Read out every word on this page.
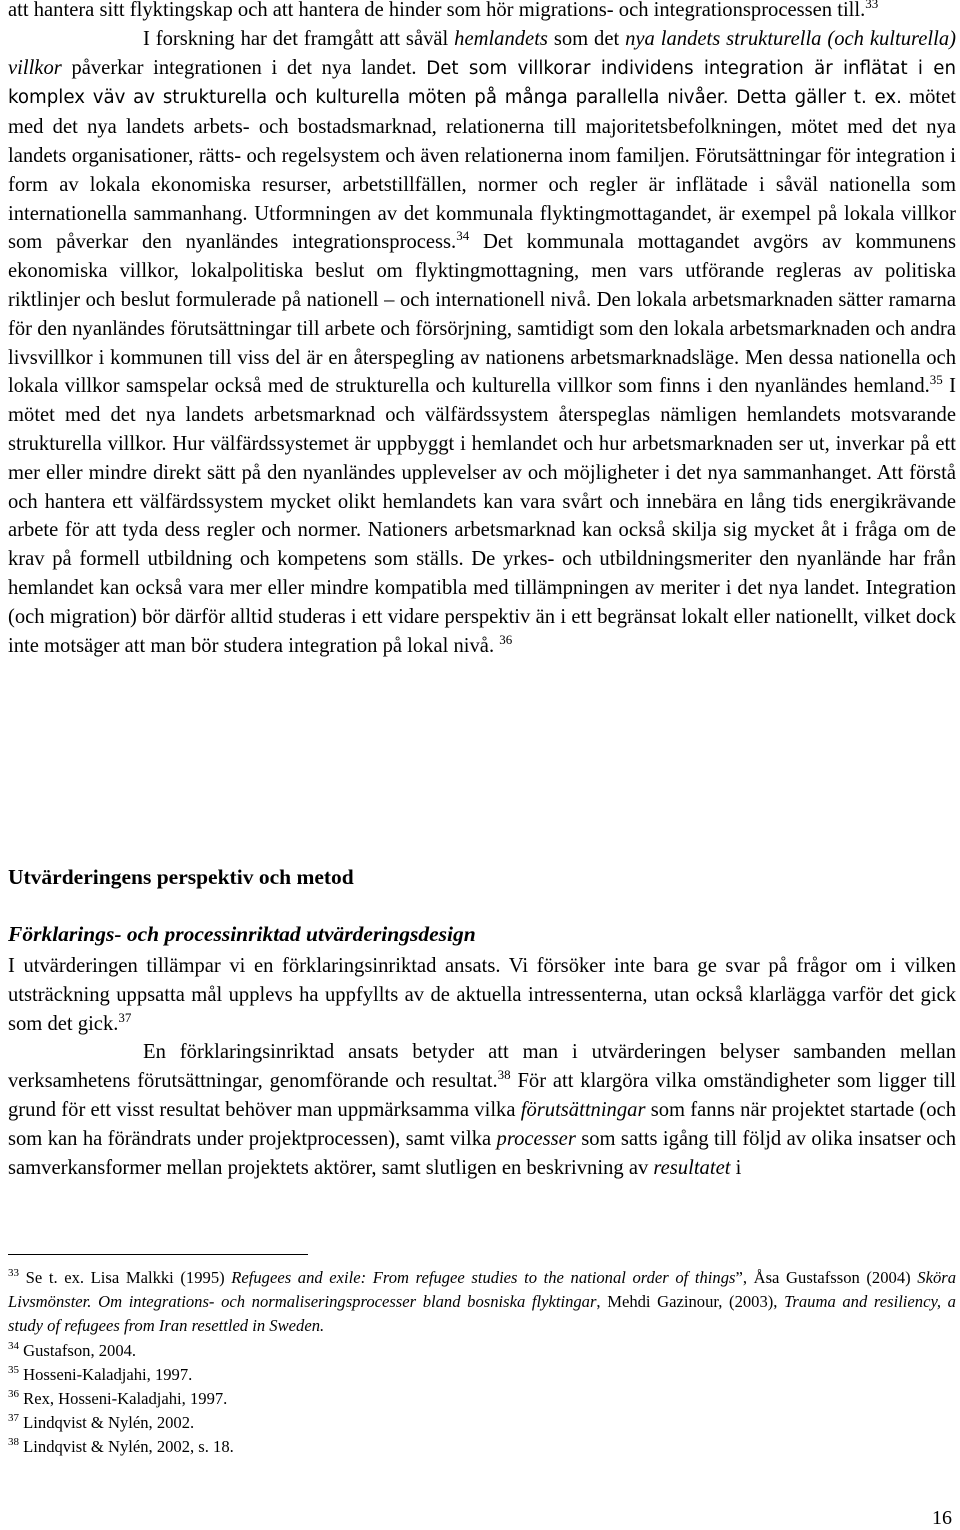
att hantera sitt flyktingskap och att hantera de hinder som hör migrations- och integrationsprocessen till.$^{33}$

I forskning har det framgått att såväl hemlandets som det nya landets strukturella (och kulturella) villkor påverkar integrationen i det nya landet. Det som villkorar individens integration är inflätat i en komplex väv av strukturella och kulturella möten på många parallella nivåer. Detta gäller t. ex. mötet med det nya landets arbets- och bostadsmarknad, relationerna till majoritetsbefolkningen, mötet med det nya landets organisationer, rätts- och regelsystem och även relationerna inom familjen. Förutsättningar för integration i form av lokala ekonomiska resurser, arbetstillfällen, normer och regler är inflätade i såväl nationella som internationella sammanhang. Utformningen av det kommunala flyktingmottagandet, är exempel på lokala villkor som påverkar den nyanländes integrationsprocess.$^{34}$ Det kommunala mottagandet avgörs av kommunens ekonomiska villkor, lokalpolitiska beslut om flyktingmottagning, men vars utförande regleras av politiska riktlinjer och beslut formulerade på nationell – och internationell nivå. Den lokala arbetsmarknaden sätter ramarna för den nyanländes förutsättningar till arbete och försörjning, samtidigt som den lokala arbetsmarknaden och andra livsvillkor i kommunen till viss del är en återspegling av nationens arbetsmarknadsläge. Men dessa nationella och lokala villkor samspelar också med de strukturella och kulturella villkor som finns i den nyanländes hemland.$^{35}$ I mötet med det nya landets arbetsmarknad och välfärdssystem återspeglas nämligen hemlandets motsvarande strukturella villkor. Hur välfärdssystemet är uppbyggt i hemlandet och hur arbetsmarknaden ser ut, inverkar på ett mer eller mindre direkt sätt på den nyanländes upplevelser av och möjligheter i det nya sammanhanget. Att förstå och hantera ett välfärdssystem mycket olikt hemlandets kan vara svårt och innebära en lång tids energikrävande arbete för att tyda dess regler och normer. Nationers arbetsmarknad kan också skilja sig mycket åt i fråga om de krav på formell utbildning och kompetens som ställs. De yrkes- och utbildningsmeriter den nyanlände har från hemlandet kan också vara mer eller mindre kompatibla med tillämpningen av meriter i det nya landet. Integration (och migration) bör därför alltid studeras i ett vidare perspektiv än i ett begränsat lokalt eller nationellt, vilket dock inte motsäger att man bör studera integration på lokal nivå. $^{36}$

Utvärderingens perspektiv och metod
Förklarings- och processinriktad utvärderingsdesign

I utvärderingen tillämpar vi en förklaringsinriktad ansats. Vi försöker inte bara ge svar på frågor om i vilken utsträckning uppsatta mål upplevs ha uppfyllts av de aktuella intressenterna, utan också klarlägga varför det gick som det gick.$^{37}$

En förklaringsinriktad ansats betyder att man i utvärderingen belyser sambanden mellan verksamhetens förutsättningar, genomförande och resultat.$^{38}$ För att klargöra vilka omständigheter som ligger till grund för ett visst resultat behöver man uppmärksamma vilka förutsättningar som fanns när projektet startade (och som kan ha förändrats under projektprocessen), samt vilka processer som satts igång till följd av olika insatser och samverkansformer mellan projektets aktörer, samt slutligen en beskrivning av resultatet i

$^{33}$ Se t. ex. Lisa Malkki (1995) Refugees and exile: From refugee studies to the national order of things”, Åsa Gustafsson (2004) Sköra Livsmönster. Om integrations- och normaliseringsprocesser bland bosniska flyktingar, Mehdi Gazinour, (2003), Trauma and resiliency, a study of refugees from Iran resettled in Sweden.

$^{34}$ Gustafson, 2004.

$^{35}$ Hosseni-Kaladjahi, 1997.

$^{36}$ Rex, Hosseni-Kaladjahi, 1997.

$^{37}$ Lindqvist & Nylén, 2002.

$^{38}$ Lindqvist & Nylén, 2002, s. 18.

16
